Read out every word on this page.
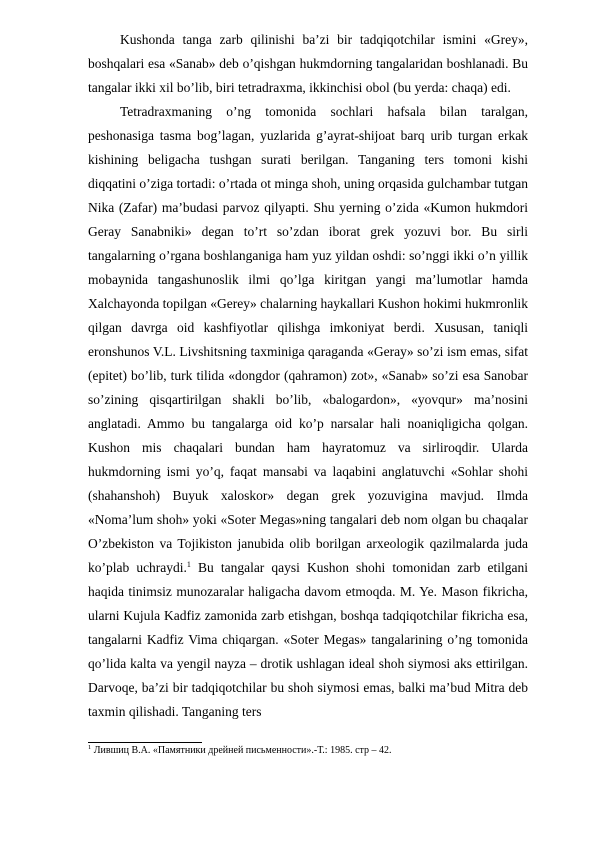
Kushonda tanga zarb qilinishi ba’zi bir tadqiqotchilar ismini «Grey», boshqalari esa «Sanab» deb o’qishgan hukmdorning tangalaridan boshlanadi. Bu tangalar ikki xil bo’lib, biri tetradraxma, ikkinchisi obol (bu yerda: chaqa) edi.

Tetradraxmaning o’ng tomonida sochlari hafsala bilan taralgan, peshonasiga tasma bog’lagan, yuzlarida g’ayrat-shijoat barq urib turgan erkak kishining beligacha tushgan surati berilgan. Tanganing ters tomoni kishi diqqatini o’ziga tortadi: o’rtada ot minga shoh, uning orqasida gulchambar tutgan Nika (Zafar) ma’budasi parvoz qilyapti. Shu yerning o’zida «Kumon hukmdori Geray Sanabniki» degan to’rt so’zdan iborat grek yozuvi bor. Bu sirli tangalarning o’rgana boshlanganiga ham yuz yildan oshdi: so’nggi ikki o’n yillik mobaynida tangashunoslik ilmi qo’lga kiritgan yangi ma’lumotlar hamda Xalchayonda topilgan «Gerey» chalarning haykallari Kushon hokimi hukmronlik qilgan davrga oid kashfiyotlar qilishga imkoniyat berdi. Xususan, taniqli eronshunos V.L. Livshitsning taxminiga qaraganda «Geray» so’zi ism emas, sifat (epitet) bo’lib, turk tilida «dongdor (qahramon) zot», «Sanab» so’zi esa Sanobar so’zining qisqartirilgan shakli bo’lib, «balogardon», «yovqur» ma’nosini anglatadi. Ammo bu tangalarga oid ko’p narsalar hali noaniqligicha qolgan. Kushon mis chaqalari bundan ham hayratomuz va sirliroqdir. Ularda hukmdorning ismi yo’q, faqat mansabi va laqabini anglatuvchi «Sohlar shohi (shahanshoh) Buyuk xaloskor» degan grek yozuvigina mavjud. Ilmda «Noma’lum shoh» yoki «Soter Megas»ning tangalari deb nom olgan bu chaqalar O’zbekiston va Tojikiston janubida olib borilgan arxeologik qazilmalarda juda ko’plab uchraydi.$^1$ Bu tangalar qaysi Kushon shohi tomonidan zarb etilgani haqida tinimsiz munozaralar haligacha davom etmoqda. M. Ye. Mason fikricha, ularni Kujula Kadfiz zamonida zarb etishgan, boshqa tadqiqotchilar fikricha esa, tangalarni Kadfiz Vima chiqargan. «Soter Megas» tangalarining o’ng tomonida qo’lida kalta va yengil nayza – drotik ushlagan ideal shoh siymosi aks ettirilgan. Darvoqe, ba’zi bir tadqiqotchilar bu shoh siymosi emas, balki ma’bud Mitra deb taxmin qilishadi. Tanganing ters

$^1$ Лившиц В.А. «Памятники дрейней письменности».-Т.: 1985. стр – 42.
